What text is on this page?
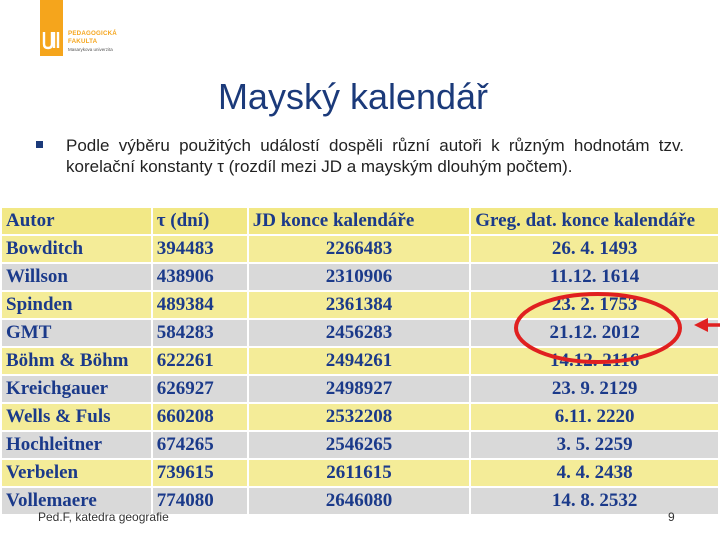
PEDAGOGICKÁ
FAKULTA
Masarykova univerzita
Mayský kalendář
Podle výběru použitých událostí dospěli různí autoři k různým hodnotám tzv. korelační konstanty τ (rozdíl mezi JD a mayským dlouhým počtem).
Autor	τ (dní)	JD konce kalendáře	Greg. dat. konce kalendáře
Bowditch	394483	2266483	26. 4. 1493
Willson	438906	2310906	11.12. 1614
Spinden	489384	2361384	23. 2. 1753
GMT	584283	2456283	21.12. 2012
Böhm & Böhm	622261	2494261	14.12. 2116
Kreichgauer	626927	2498927	23. 9. 2129
Wells & Fuls	660208	2532208	6.11. 2220
Hochleitner	674265	2546265	3. 5. 2259
Verbelen	739615	2611615	4. 4. 2438
Vollemaere	774080	2646080	14. 8. 2532
Ped.F, katedra geografie	9
